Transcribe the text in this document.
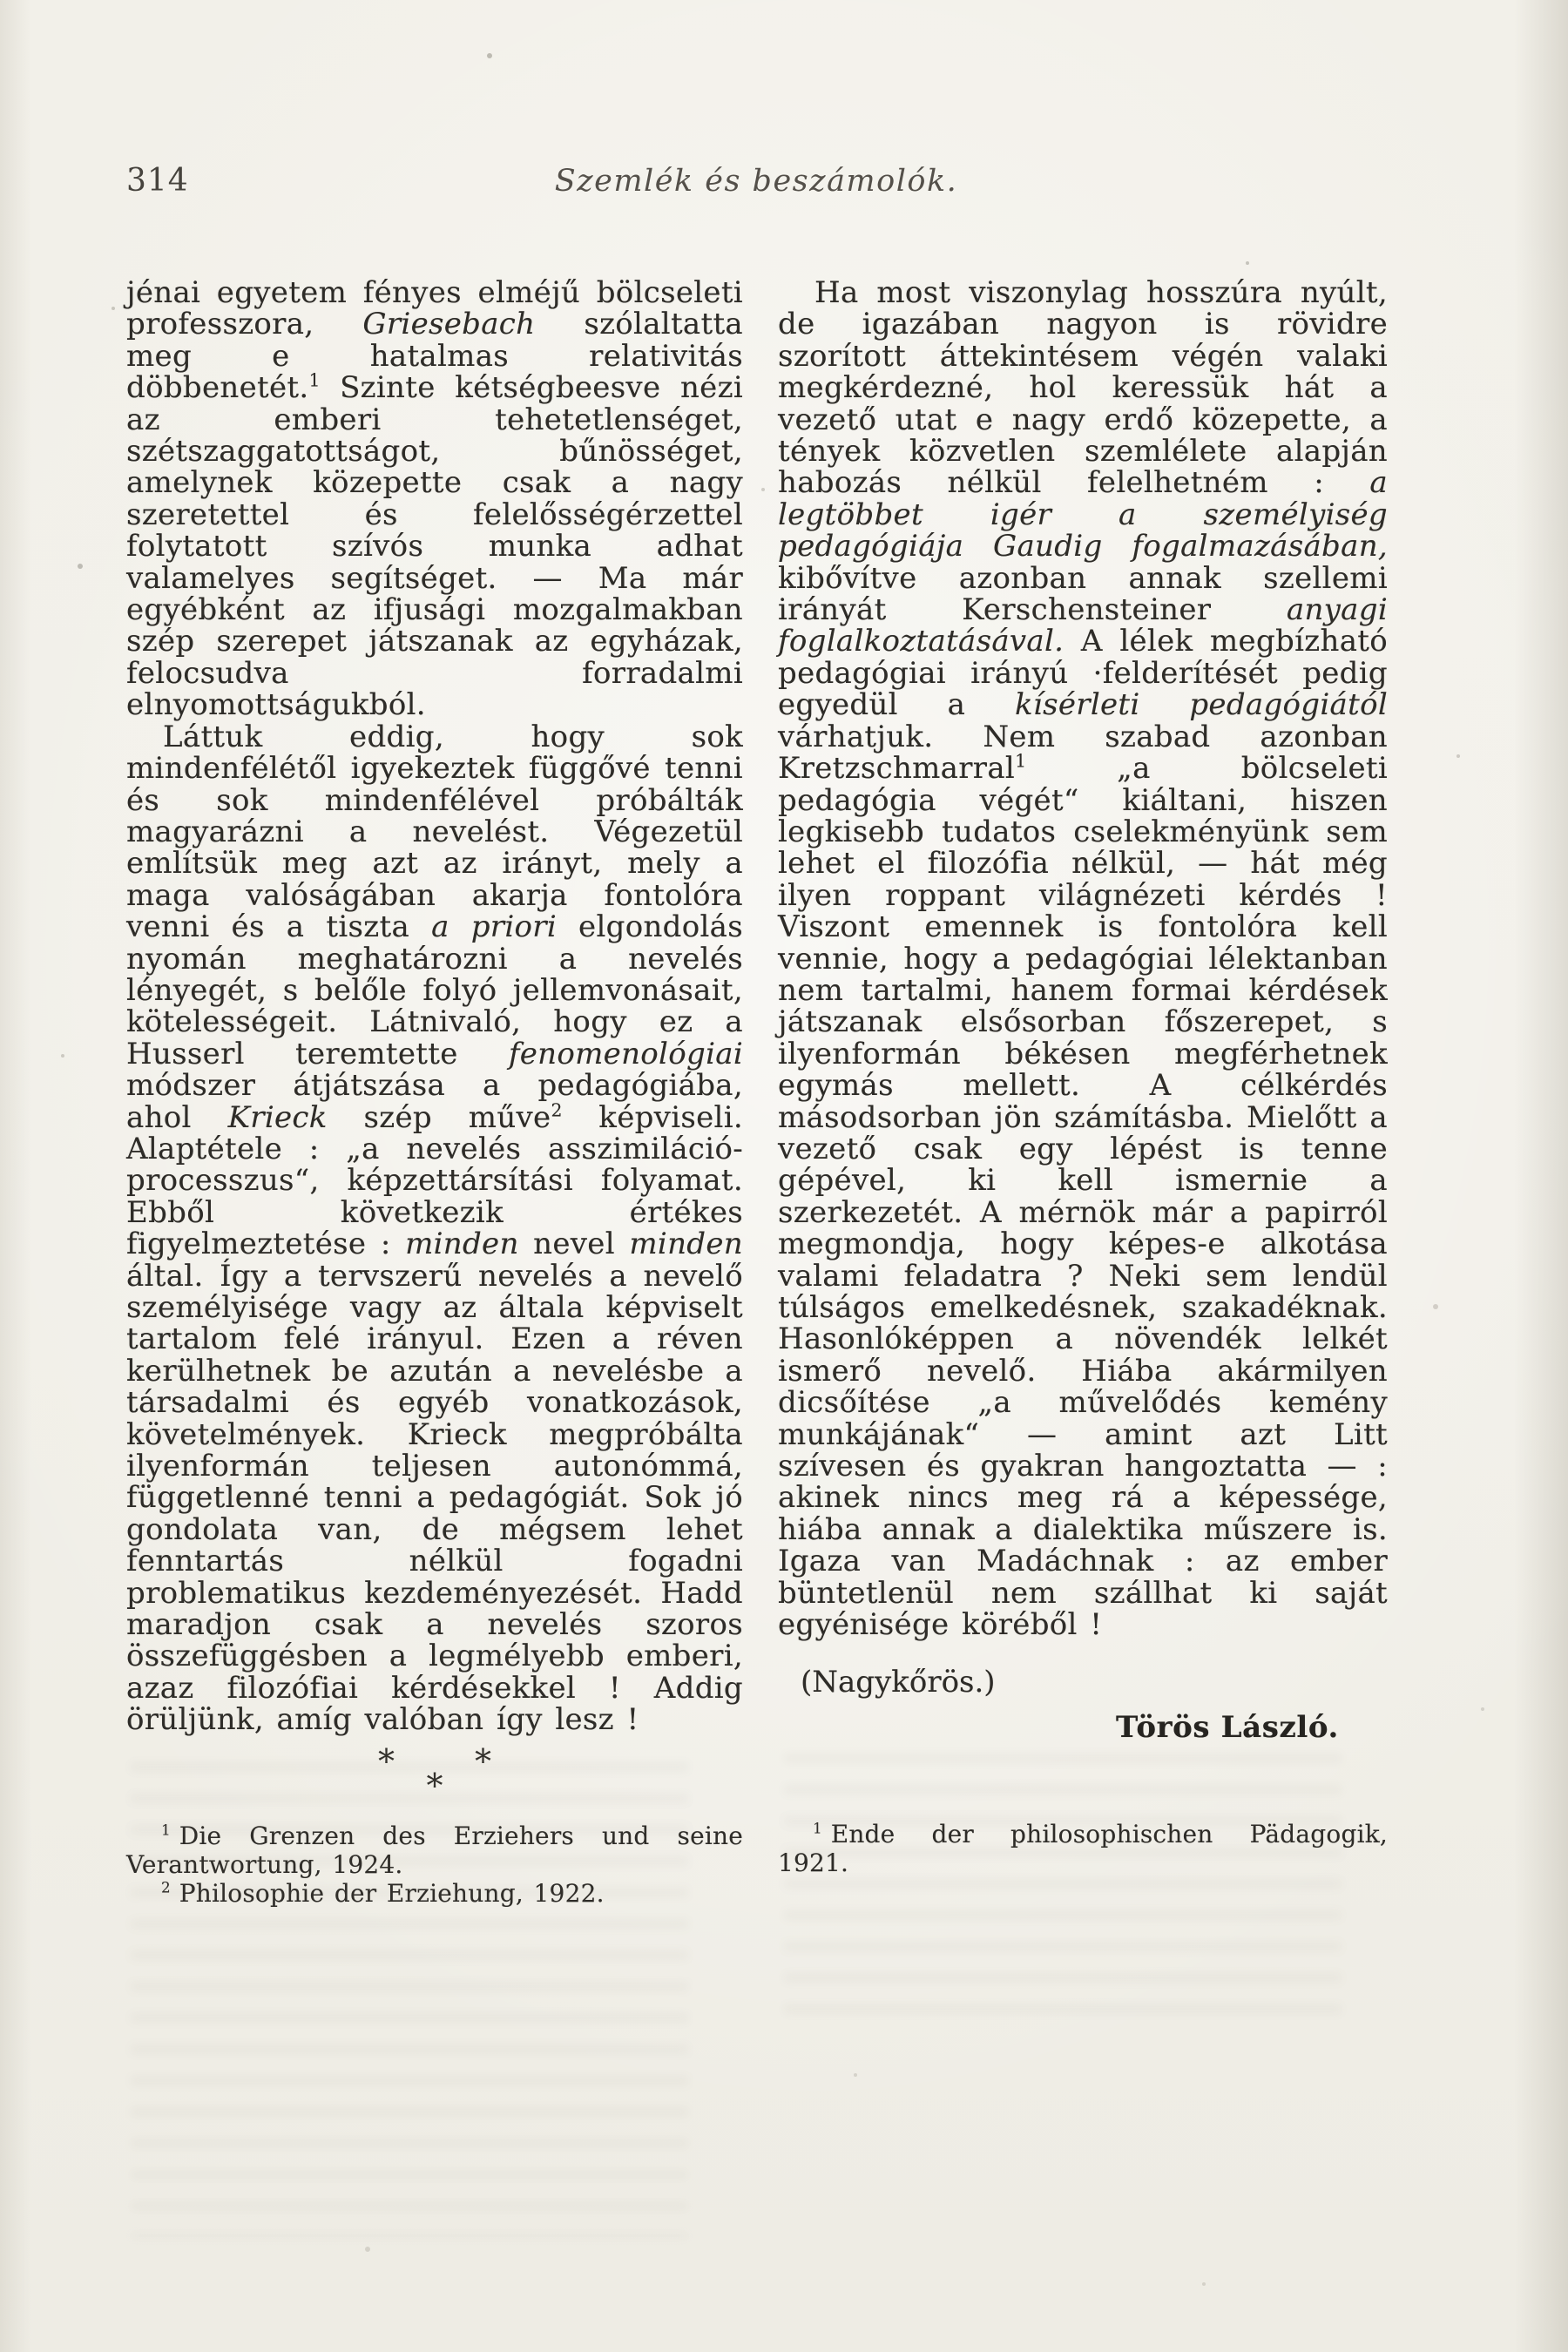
314	Szemlék és beszámolók.

jénai egyetem fényes elméjű bölcseleti professzora, Griesebach szólaltatta meg e hatalmas relativitás döbbenetét.$^1$ Szinte kétségbeesve nézi az emberi tehetetlenséget, szétszaggatottságot, bűnösséget, amelynek közepette csak a nagy szeretettel és felelősségérzettel folytatott szívós munka adhat valamelyes segítséget. — Ma már egyébként az ifjusági mozgalmakban szép szerepet játszanak az egyházak, felocsudva forradalmi elnyomottságukból.

Láttuk eddig, hogy sok mindenfélétől igyekeztek függővé tenni és sok mindenfélével próbálták magyarázni a nevelést. Végezetül említsük meg azt az irányt, mely a maga valóságában akarja fontolóra venni és a tiszta a priori elgondolás nyomán meghatározni a nevelés lényegét, s belőle folyó jellemvonásait, kötelességeit. Látnivaló, hogy ez a Husserl teremtette fenomenológiai módszer átjátszása a pedagógiába, ahol Krieck szép műve$^2$ képviseli. Alaptétele : „a nevelés asszimiláció-processzus“, képzettársítási folyamat. Ebből következik értékes figyelmeztetése : minden nevel minden által. Így a tervszerű nevelés a nevelő személyisége vagy az általa képviselt tartalom felé irányul. Ezen a réven kerülhetnek be azután a nevelésbe a társadalmi és egyéb vonatkozások, követelmények. Krieck megpróbálta ilyenformán teljesen autonómmá, függetlenné tenni a pedagógiát. Sok jó gondolata van, de mégsem lehet fenntartás nélkül fogadni problematikus kezdeményezését. Hadd maradjon csak a nevelés szoros összefüggésben a legmélyebb emberi, azaz filozófiai kérdésekkel ! Addig örüljünk, amíg valóban így lesz !

* *
*

$^1$ Die Grenzen des Erziehers und seine Verantwortung, 1924.

$^2$ Philosophie der Erziehung, 1922.

Ha most viszonylag hosszúra nyúlt, de igazában nagyon is rövidre szorított áttekintésem végén valaki megkérdezné, hol keressük hát a vezető utat e nagy erdő közepette, a tények közvetlen szemlélete alapján habozás nélkül felelhetném : a legtöbbet igér a személyiség pedagógiája Gaudig fogalmazásában, kibővítve azonban annak szellemi irányát Kerschensteiner anyagi foglalkoztatásával. A lélek megbízható pedagógiai irányú ·felderítését pedig egyedül a kísérleti pedagógiától várhatjuk. Nem szabad azonban Kretzschmarral$^1$ „a bölcseleti pedagógia végét“ kiáltani, hiszen legkisebb tudatos cselekményünk sem lehet el filozófia nélkül, — hát még ilyen roppant világnézeti kérdés ! Viszont emennek is fontolóra kell vennie, hogy a pedagógiai lélektanban nem tartalmi, hanem formai kérdések játszanak elsősorban főszerepet, s ilyenformán békésen megférhetnek egymás mellett. A célkérdés másodsorban jön számításba. Mielőtt a vezető csak egy lépést is tenne gépével, ki kell ismernie a szerkezetét. A mérnök már a papirról megmondja, hogy képes-e alkotása valami feladatra ? Neki sem lendül túlságos emelkedésnek, szakadéknak. Hasonlóképpen a növendék lelkét ismerő nevelő. Hiába akármilyen dicsőítése „a művelődés kemény munkájának“ — amint azt Litt szívesen és gyakran hangoztatta — : akinek nincs meg rá a képessége, hiába annak a dialektika műszere is. Igaza van Madáchnak : az ember büntetlenül nem szállhat ki saját egyénisége köréből !

(Nagykőrös.)

Törös László.

$^1$ Ende der philosophischen Pädagogik, 1921.
